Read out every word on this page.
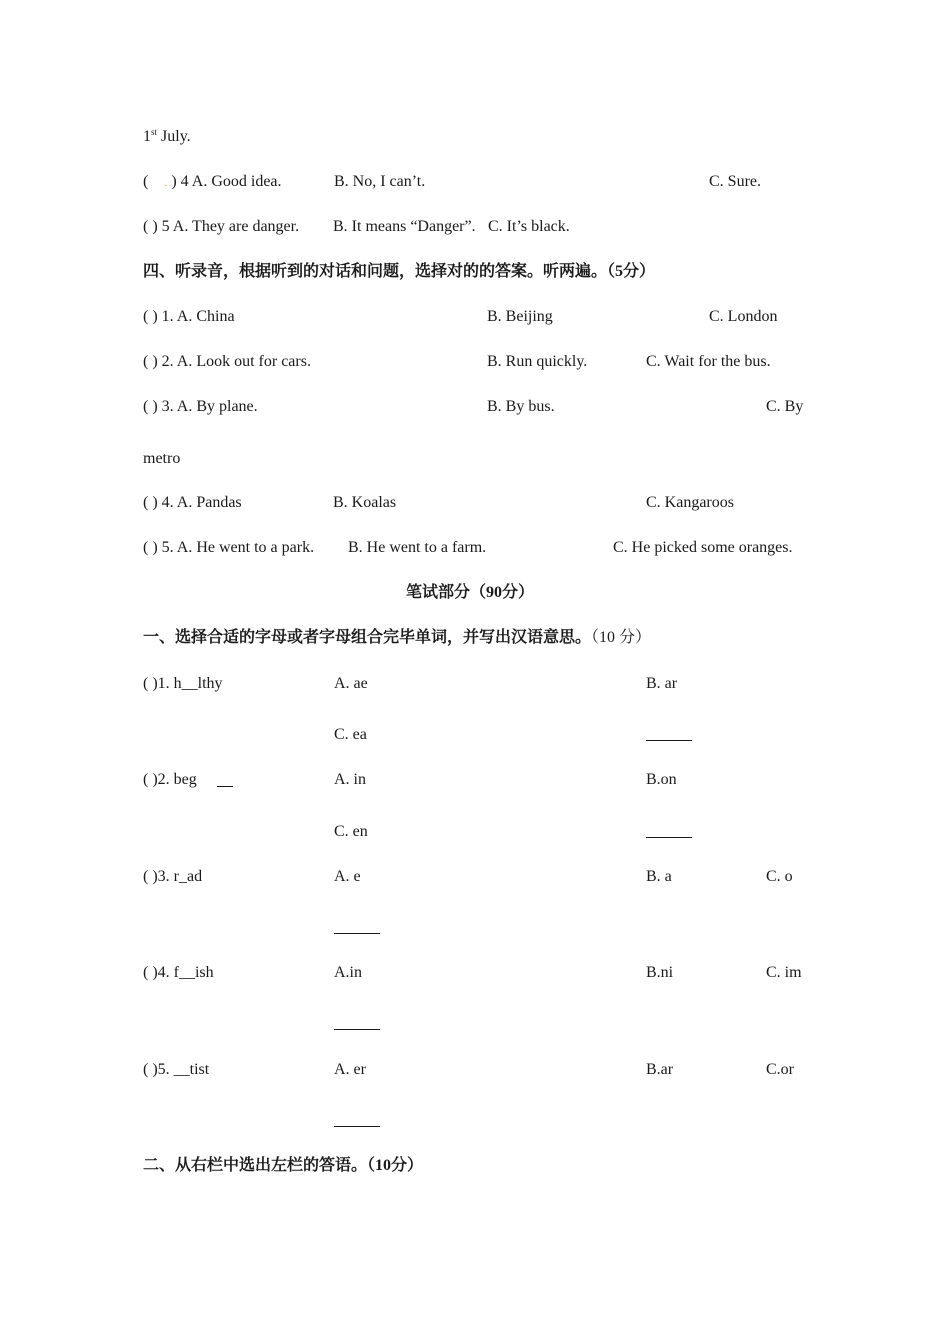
1st July.
( . ) 4 A. Good idea.	B. No, I can’t.	C. Sure.
( ) 5 A. They are danger. B. It means “Danger”. C. It’s black.
四、听录音，根据听到的对话和问题，选择对的的答案。听两遍。（5分）
( ) 1. A. China	B. Beijing	C. London
( ) 2. A. Look out for cars.	B. Run quickly.	C. Wait for the bus.
( ) 3. A. By plane.	B. By bus.	C. By
metro
( ) 4. A. Pandas	B. Koalas	C. Kangaroos
( ) 5. A. He went to a park. B. He went to a farm.	C. He picked some oranges.
笔试部分（90分）
一、选择合适的字母或者字母组合完毕单词，并写出汉语意思。（10 分）
( )1. h__lthy	A. ae	B. ar
C. ea
( )2. beg	A. in	B.on
C. en
( )3. r_ad	A. e	B. a	C. o
( )4. f__ish	A.in	B.ni	C. im
( )5. __tist	A. er	B.ar	C.or
二、从右栏中选出左栏的答语。（10分）
